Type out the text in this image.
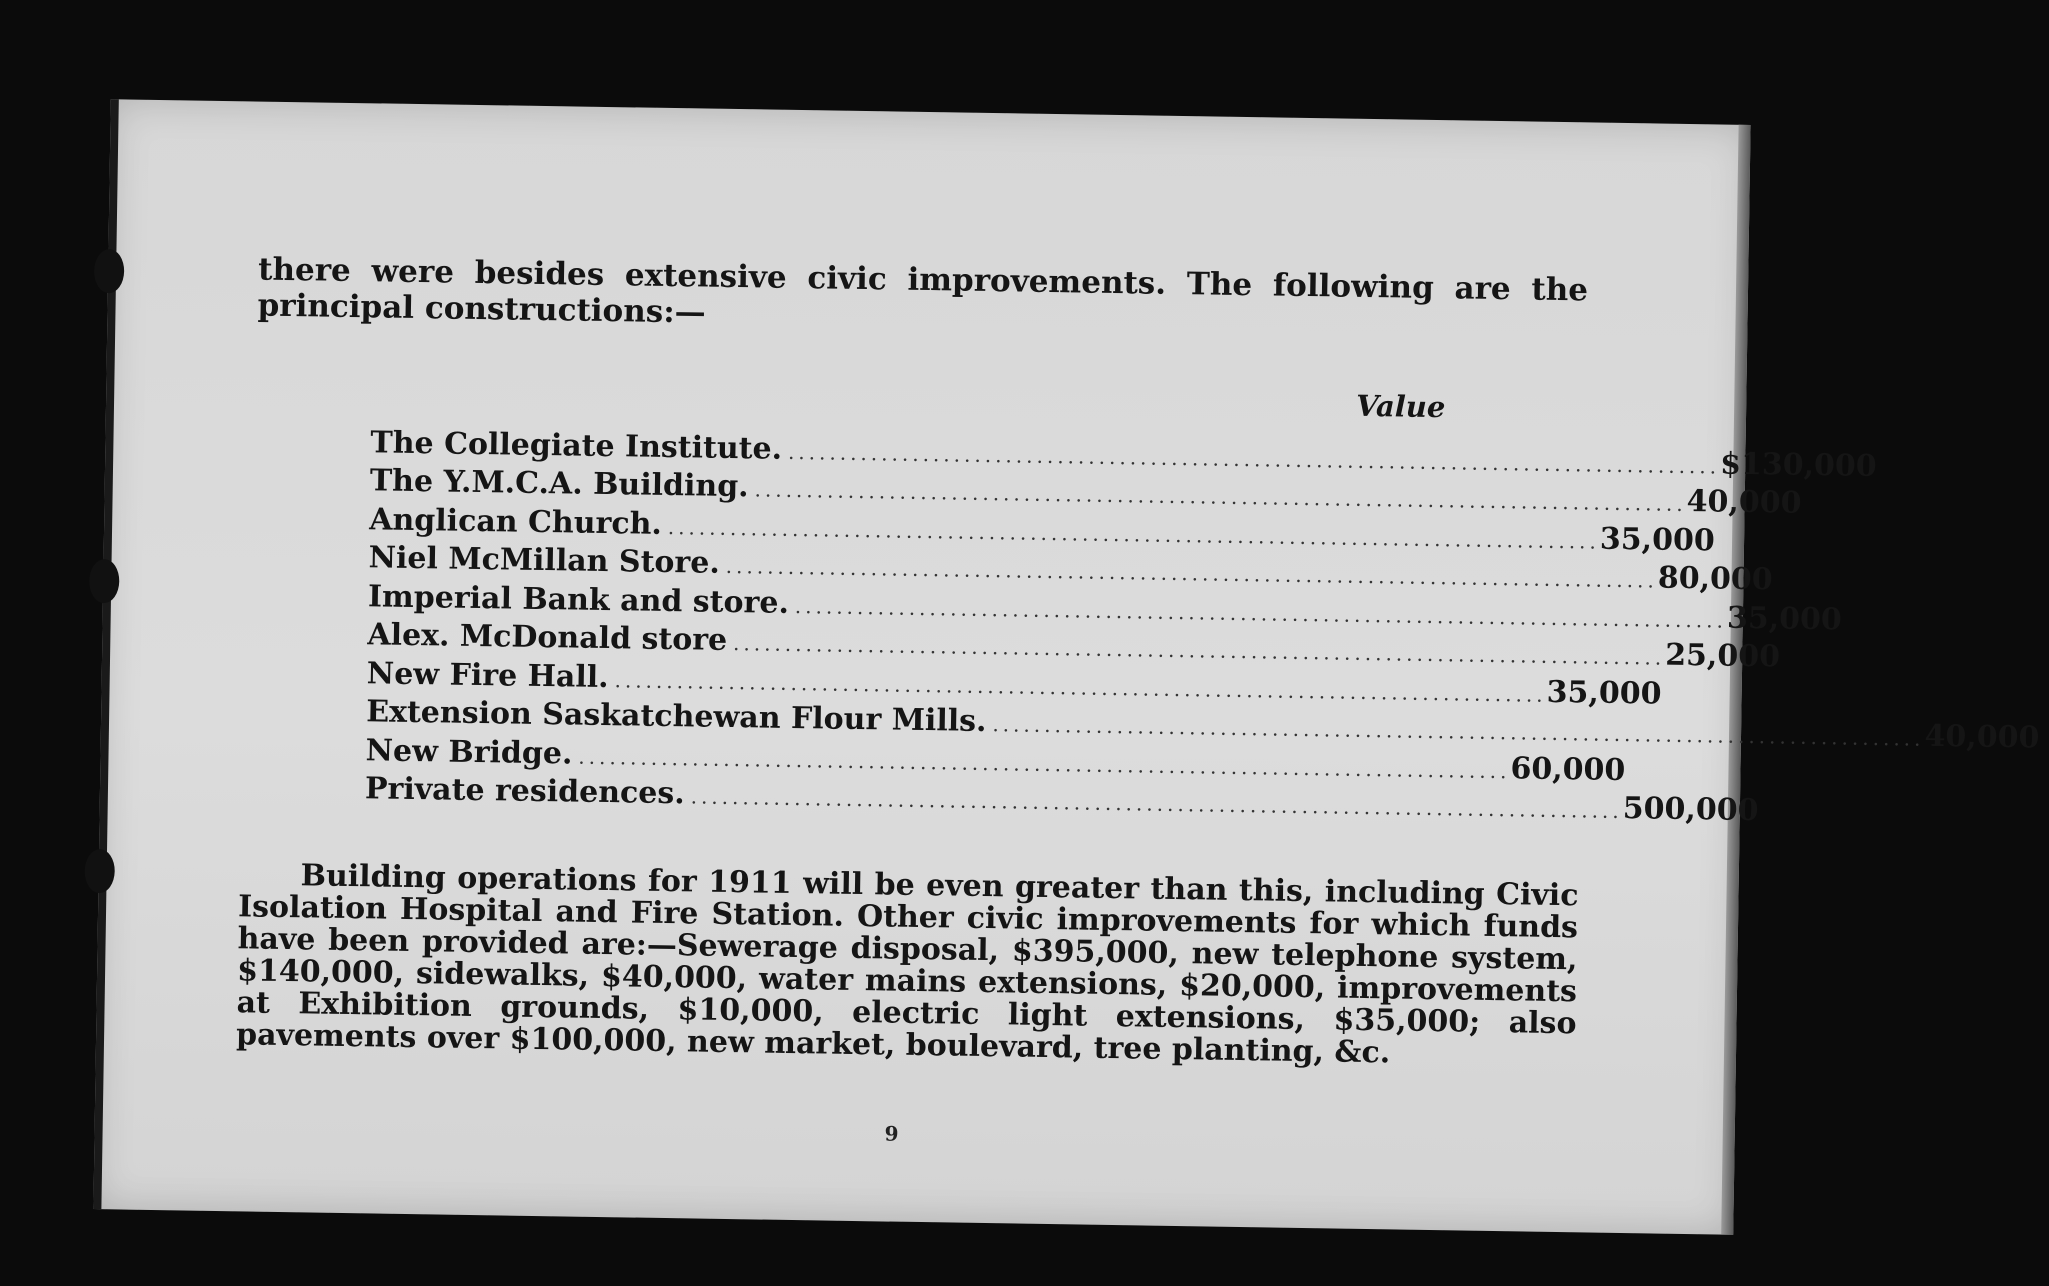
there were besides extensive civic improvements. The following are the principal constructions:—
Value
The Collegiate Institute. .......................................................................................... $130,000
The Y.M.C.A. Building. .......................................................................................... 40,000
Anglican Church. .......................................................................................... 35,000
Niel McMillan Store. .......................................................................................... 80,000
Imperial Bank and store. .......................................................................................... 35,000
Alex. McDonald store .......................................................................................... 25,000
New Fire Hall. .......................................................................................... 35,000
Extension Saskatchewan Flour Mills. .......................................................................................... 40,000
New Bridge. .......................................................................................... 60,000
Private residences. .......................................................................................... 500,000
Building operations for 1911 will be even greater than this, including Civic Isolation Hospital and Fire Station. Other civic improvements for which funds have been provided are:—Sewerage disposal, $395,000, new telephone system, $140,000, sidewalks, $40,000, water mains extensions, $20,000, improvements at Exhibition grounds, $10,000, electric light extensions, $35,000; also pavements over $100,000, new market, boulevard, tree planting, &c.
9
